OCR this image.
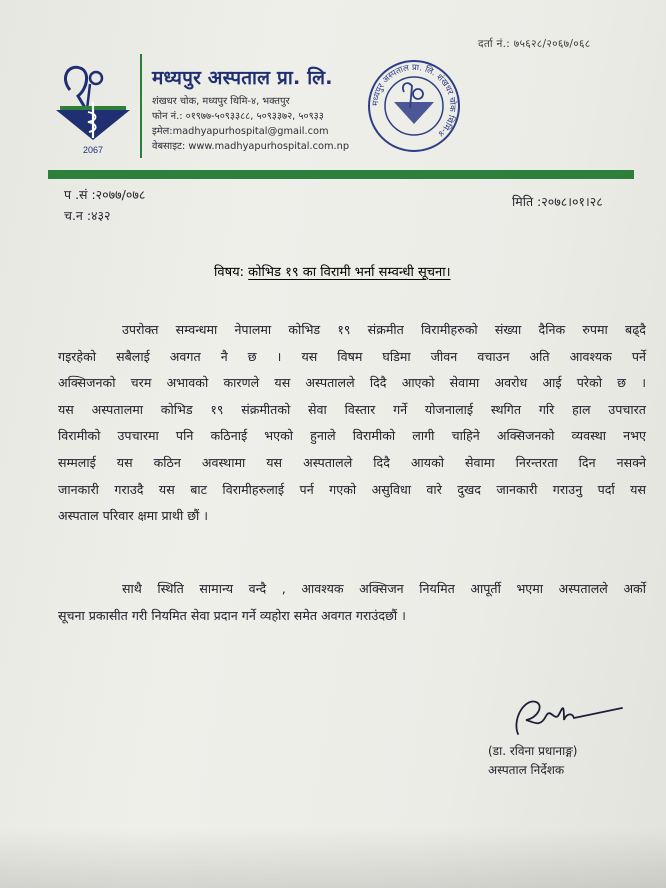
दर्ता नं.: ७५६२८/२०६७/०६८
2067
मध्यपुर अस्पताल प्रा. लि.
शंखधर चोक, मध्यपुर थिमि-४, भक्तपुर
फोन नं.: ०१९७७-५०९३३८८, ५०९३३७२, ५०९३३
इमेल:madhyapurhospital@gmail.com
वेबसाइट: www.madhyapurhospital.com.np
मध्यपुर अस्पताल प्रा. लि. शंखधर चोक थिमि-४
प .सं :२०७७/०७८
च.न :४३२
मिति :२०७८।०१।२८
विषय: कोभिड १९ का विरामी भर्ना सम्वन्धी सूचना।
उपरोक्त सम्वन्धमा नेपालमा कोभिड १९ संक्रमीत विरामीहरुको संख्या दैनिक रुपमा बढ्दै
गइरहेको सबैलाई अवगत नै छ । यस विषम घडिमा जीवन वचाउन अति आवश्यक पर्ने
अक्सिजनको चरम अभावको कारणले यस अस्पतालले दिदै आएको सेवामा अवरोध आई परेको छ ।
यस अस्पतालमा कोभिड १९ संक्रमीतको सेवा विस्तार गर्ने योजनालाई स्थगित गरि हाल उपचारत
विरामीको उपचारमा पनि कठिनाई भएको हुनाले विरामीको लागी चाहिने अक्सिजनको व्यवस्था नभए
सम्मलाई यस कठिन अवस्थामा यस अस्पतालले दिदै आयको सेवामा निरन्तरता दिन नसक्ने
जानकारी गराउदै यस बाट विरामीहरुलाई पर्न गएको असुविधा वारे दुखद जानकारी गराउनु पर्दा यस
अस्पताल परिवार क्षमा प्राथी छौं ।
साथै स्थिति सामान्य वन्दै , आवश्यक अक्सिजन नियमित आपूर्ती भएमा अस्पतालले अर्को
सूचना प्रकासीत गरी नियमित सेवा प्रदान गर्ने व्यहोरा समेत अवगत गराउंदछौं ।
(डा. रविना प्रधानाङ्ग)
अस्पताल निर्देशक
